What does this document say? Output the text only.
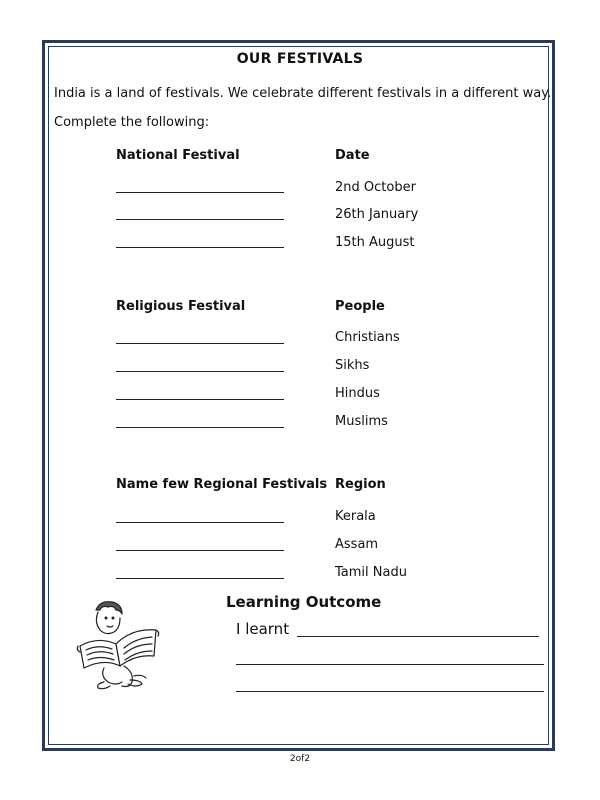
OUR FESTIVALS
India is a land of festivals. We celebrate different festivals in a different way.
Complete the following:
National Festival	Date
2nd October
26th January
15th August
Religious Festival	People
Christians
Sikhs
Hindus
Muslims
Name few Regional Festivals Region
Kerala
Assam
Tamil Nadu
Learning Outcome
I learnt
2of2
